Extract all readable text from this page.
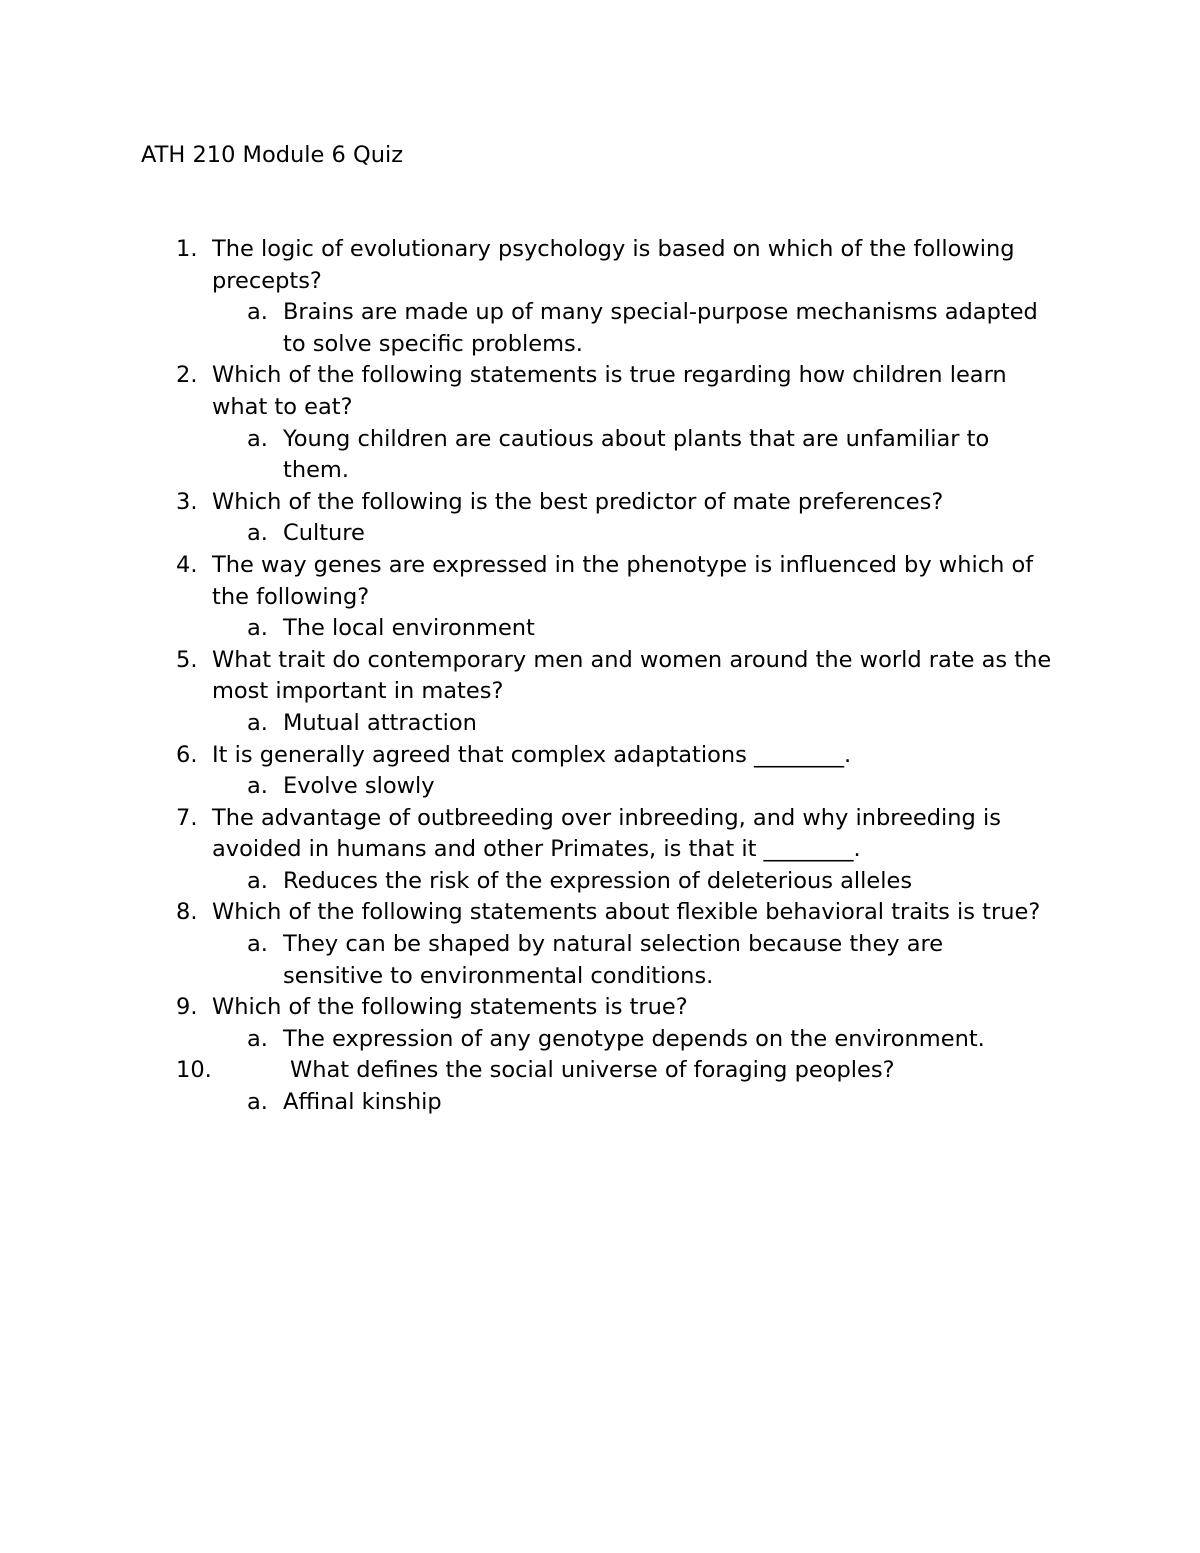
ATH 210 Module 6 Quiz
1. The logic of evolutionary psychology is based on which of the following precepts?
a. Brains are made up of many special-purpose mechanisms adapted to solve specific problems.
2. Which of the following statements is true regarding how children learn what to eat?
a. Young children are cautious about plants that are unfamiliar to them.
3. Which of the following is the best predictor of mate preferences?
a. Culture
4. The way genes are expressed in the phenotype is influenced by which of the following?
a. The local environment
5. What trait do contemporary men and women around the world rate as the most important in mates?
a. Mutual attraction
6. It is generally agreed that complex adaptations ________.
a. Evolve slowly
7. The advantage of outbreeding over inbreeding, and why inbreeding is avoided in humans and other Primates, is that it ________.
a. Reduces the risk of the expression of deleterious alleles
8. Which of the following statements about flexible behavioral traits is true?
a. They can be shaped by natural selection because they are sensitive to environmental conditions.
9. Which of the following statements is true?
a. The expression of any genotype depends on the environment.
10.	What defines the social universe of foraging peoples?
a. Affinal kinship
